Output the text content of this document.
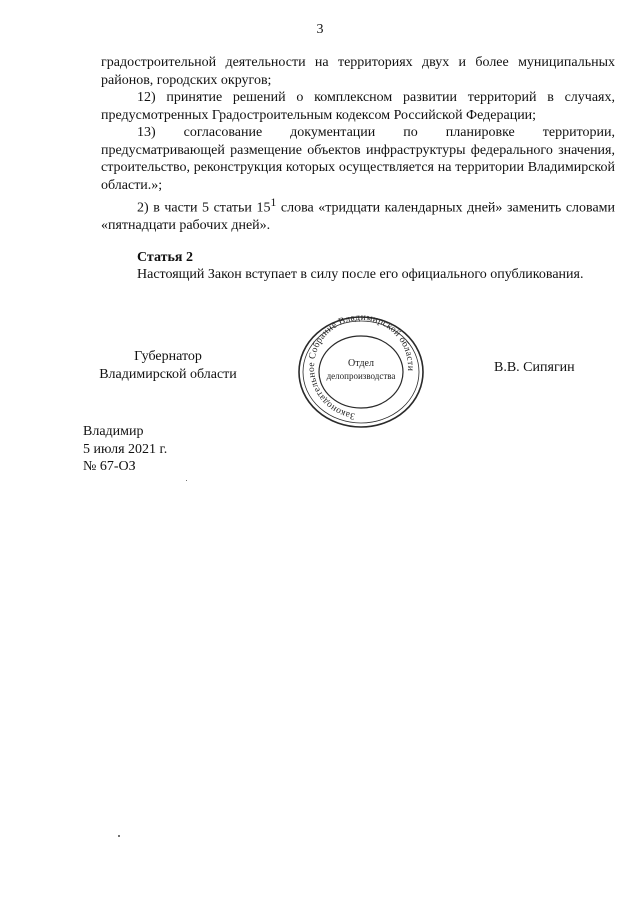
3

градостроительной деятельности на территориях двух и более муниципальных районов, городских округов;

12) принятие решений о комплексном развитии территорий в случаях, предусмотренных Градостроительным кодексом Российской Федерации;

13) согласование документации по планировке территории, предусматривающей размещение объектов инфраструктуры федерального значения, строительство, реконструкция которых осуществляется на территории Владимирской области.»;

2) в части 5 статьи $15^1$ слова «тридцати календарных дней» заменить словами «пятнадцати рабочих дней».

Статья 2

Настоящий Закон вступает в силу после его официального опубликования.

Губернатор
Владимирской области
Законодательное Собрание Владимирской области
Отдел
делопроизводства
В.В. Сипягин
Владимир
5 июля 2021 г.
№ 67-ОЗ
